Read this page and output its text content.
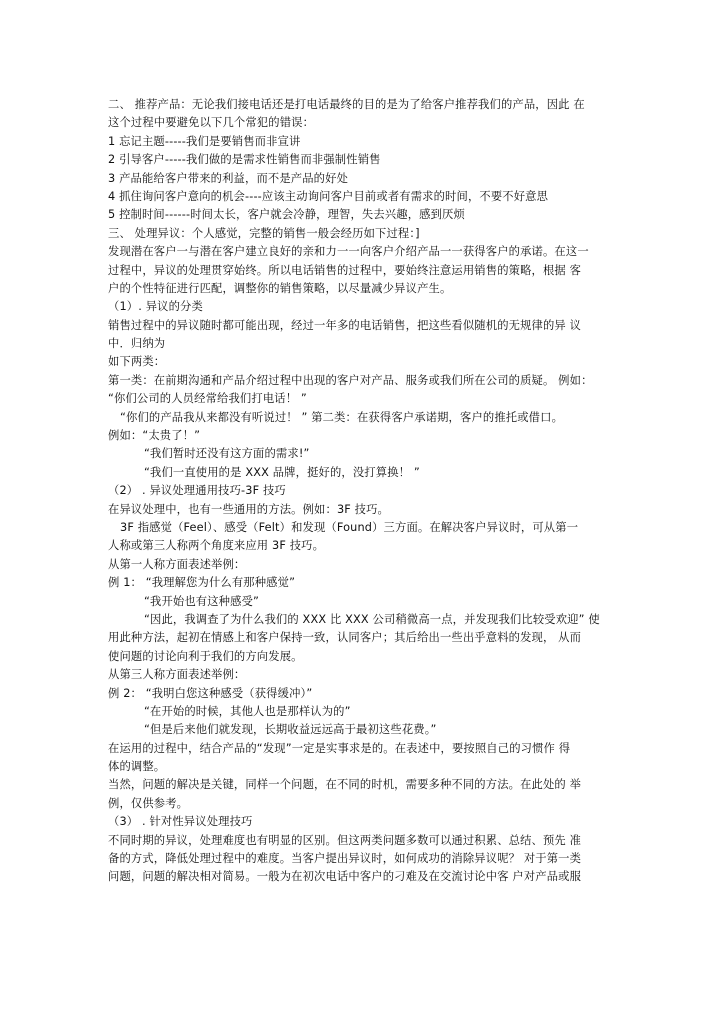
二、 推荐产品：无论我们接电话还是打电话最终的目的是为了给客户推荐我们的产品，因此 在
这个过程中要避免以下几个常犯的错误：
1 忘记主题-----我们是要销售而非宣讲
2 引导客户-----我们做的是需求性销售而非强制性销售
3 产品能给客户带来的利益，而不是产品的好处
4 抓住询问客户意向的机会----应该主动询问客户目前或者有需求的时间，不要不好意思
5 控制时间------时间太长，客户就会冷静，理智，失去兴趣，感到厌烦
三、 处理异议：个人感觉，完整的销售一般会经历如下过程：]
发现潜在客户一与潜在客户建立良好的亲和力一一向客户介绍产品一一获得客户的承诺。在这一
过程中，异议的处理贯穿始终。所以电话销售的过程中，要始终注意运用销售的策略，根据 客
户的个性特征进行匹配，调整你的销售策略，以尽量减少异议产生。
（1）. 异议的分类
销售过程中的异议随时都可能出现，经过一年多的电话销售，把这些看似随机的无规律的异 议
中．归纳为
如下两类：
第一类：在前期沟通和产品介绍过程中出现的客户对产品、服务或我们所在公司的质疑。 例如：
“你们公司的人员经常给我们打电话！ ”
“你们的产品我从来都没有听说过！ ” 第二类：在获得客户承诺期，客户的推托或借口。
例如：“太贵了！”
“我们暂时还没有这方面的需求!”
“我们一直使用的是 XXX 品牌，挺好的，没打算换！ ”
（2） . 异议处理通用技巧-3F 技巧
在异议处理中，也有一些通用的方法。例如：3F 技巧。
3F 指感觉（Feel）、感受（Felt）和发现（Found）三方面。在解决客户异议时，可从第一
人称或第三人称两个角度来应用 3F 技巧。
从第一人称方面表述举例：
例 1： “我理解您为什么有那种感觉”
“我开始也有这种感受”
“因此，我调查了为什么我们的 XXX 比 XXX 公司稍微高一点，并发现我们比较受欢迎” 使
用此种方法，起初在情感上和客户保持一致，认同客户；其后给出一些出乎意料的发现， 从而
使问题的讨论向利于我们的方向发展。
从第三人称方面表述举例：
例 2： “我明白您这种感受（获得缓冲）”
“在开始的时候，其他人也是那样认为的”
“但是后来他们就发现，长期收益远远高于最初这些花费。”
在运用的过程中，结合产品的“发现”一定是实事求是的。在表述中，要按照自己的习惯作 得
体的调整。
当然，问题的解决是关键，同样一个问题，在不同的时机，需要多种不同的方法。在此处的 举
例，仅供参考。
（3） . 针对性异议处理技巧
不同时期的异议，处理难度也有明显的区别。但这两类问题多数可以通过积累、总结、预先 准
备的方式，降低处理过程中的难度。当客户提出异议时，如何成功的消除异议呢？ 对于第一类
问题，问题的解决相对简易。一般为在初次电话中客户的刁难及在交流讨论中客 户对产品或服
